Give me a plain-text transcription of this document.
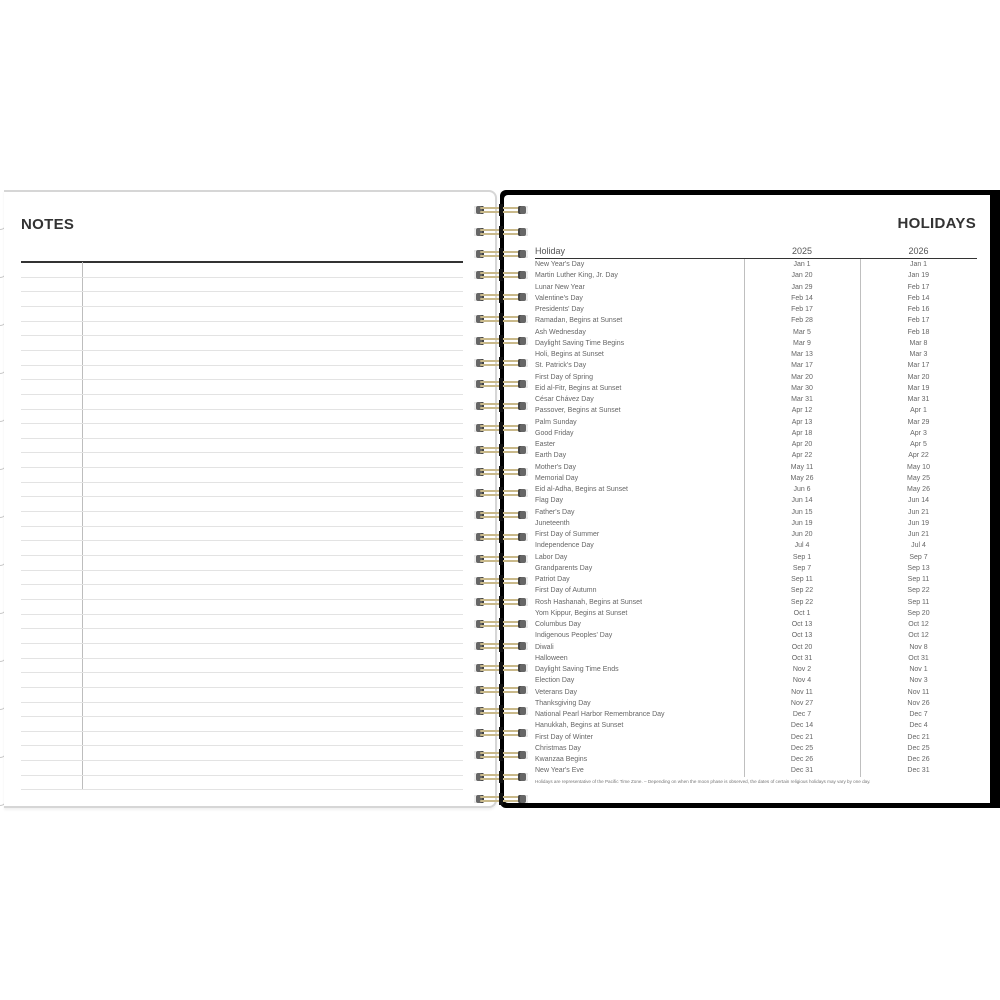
NOTES	HOLIDAYS
Holiday	2025	2026
New Year's Day	Jan 1	Jan 1
Martin Luther King, Jr. Day	Jan 20	Jan 19
Lunar New Year	Jan 29	Feb 17
Valentine's Day	Feb 14	Feb 14
Presidents' Day	Feb 17	Feb 16
Ramadan, Begins at Sunset	Feb 28	Feb 17
Ash Wednesday	Mar 5	Feb 18
Daylight Saving Time Begins	Mar 9	Mar 8
Holi, Begins at Sunset	Mar 13	Mar 3
St. Patrick's Day	Mar 17	Mar 17
First Day of Spring	Mar 20	Mar 20
Eid al-Fitr, Begins at Sunset	Mar 30	Mar 19
César Chávez Day	Mar 31	Mar 31
Passover, Begins at Sunset	Apr 12	Apr 1
Palm Sunday	Apr 13	Mar 29
Good Friday	Apr 18	Apr 3
Easter	Apr 20	Apr 5
Earth Day	Apr 22	Apr 22
Mother's Day	May 11	May 10
Memorial Day	May 26	May 25
Eid al-Adha, Begins at Sunset	Jun 6	May 26
Flag Day	Jun 14	Jun 14
Father's Day	Jun 15	Jun 21
Juneteenth	Jun 19	Jun 19
First Day of Summer	Jun 20	Jun 21
Independence Day	Jul 4	Jul 4
Labor Day	Sep 1	Sep 7
Grandparents Day	Sep 7	Sep 13
Patriot Day	Sep 11	Sep 11
First Day of Autumn	Sep 22	Sep 22
Rosh Hashanah, Begins at Sunset	Sep 22	Sep 11
Yom Kippur, Begins at Sunset	Oct 1	Sep 20
Columbus Day	Oct 13	Oct 12
Indigenous Peoples' Day	Oct 13	Oct 12
Diwali	Oct 20	Nov 8
Halloween	Oct 31	Oct 31
Daylight Saving Time Ends	Nov 2	Nov 1
Election Day	Nov 4	Nov 3
Veterans Day	Nov 11	Nov 11
Thanksgiving Day	Nov 27	Nov 26
National Pearl Harbor Remembrance Day	Dec 7	Dec 7
Hanukkah, Begins at Sunset	Dec 14	Dec 4
First Day of Winter	Dec 21	Dec 21
Christmas Day	Dec 25	Dec 25
Kwanzaa Begins	Dec 26	Dec 26
New Year's Eve	Dec 31	Dec 31
Holidays are representative of the Pacific Time Zone. – Depending on when the moon phase is observed, the dates of certain religious holidays may vary by one day.
